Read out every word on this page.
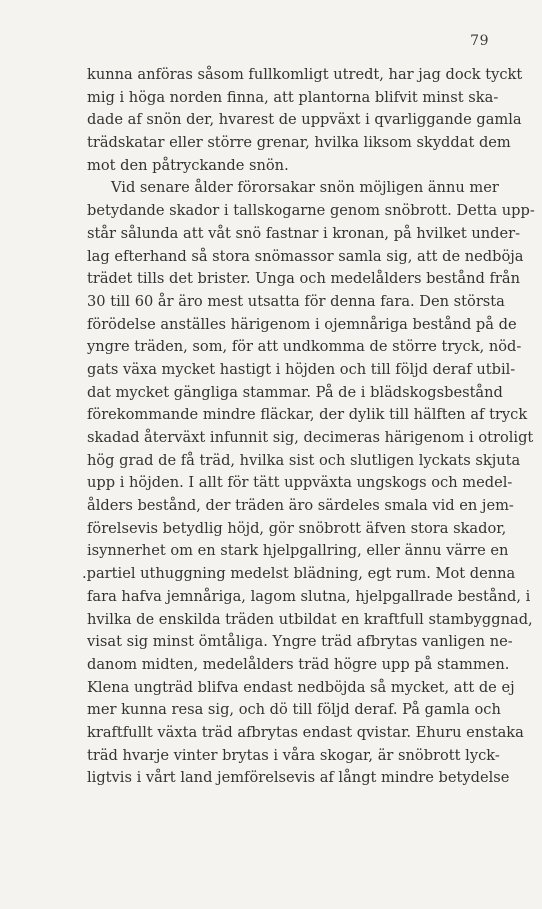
79
kunna anföras såsom fullkomligt utredt, har jag dock tyckt
mig i höga norden finna, att plantorna blifvit minst ska-
dade af snön der, hvarest de uppväxt i qvarliggande gamla
trädskatar eller större grenar, hvilka liksom skyddat dem
mot den påtryckande snön.
Vid senare ålder förorsakar snön möjligen ännu mer
betydande skador i tallskogarne genom snöbrott. Detta upp-
står sålunda att våt snö fastnar i kronan, på hvilket under-
lag efterhand så stora snömassor samla sig, att de nedböja
trädet tills det brister. Unga och medelålders bestånd från
30 till 60 år äro mest utsatta för denna fara. Den största
förödelse anställes härigenom i ojemnåriga bestånd på de
yngre träden, som, för att undkomma de större tryck, nöd-
gats växa mycket hastigt i höjden och till följd deraf utbil-
dat mycket gängliga stammar. På de i blädskogsbestånd
förekommande mindre fläckar, der dylik till hälften af tryck
skadad återväxt infunnit sig, decimeras härigenom i otroligt
hög grad de få träd, hvilka sist och slutligen lyckats skjuta
upp i höjden. I allt för tätt uppväxta ungskogs och medel-
ålders bestånd, der träden äro särdeles smala vid en jem-
förelsevis betydlig höjd, gör snöbrott äfven stora skador,
isynnerhet om en stark hjelpgallring, eller ännu värre en
.partiel uthuggning medelst blädning, egt rum. Mot denna
fara hafva jemnåriga, lagom slutna, hjelpgallrade bestånd, i
hvilka de enskilda träden utbildat en kraftfull stambyggnad,
visat sig minst ömtåliga. Yngre träd afbrytas vanligen ne-
danom midten, medelålders träd högre upp på stammen.
Klena ungträd blifva endast nedböjda så mycket, att de ej
mer kunna resa sig, och dö till följd deraf. På gamla och
kraftfullt växta träd afbrytas endast qvistar. Ehuru enstaka
träd hvarje vinter brytas i våra skogar, är snöbrott lyck-
ligtvis i vårt land jemförelsevis af långt mindre betydelse
